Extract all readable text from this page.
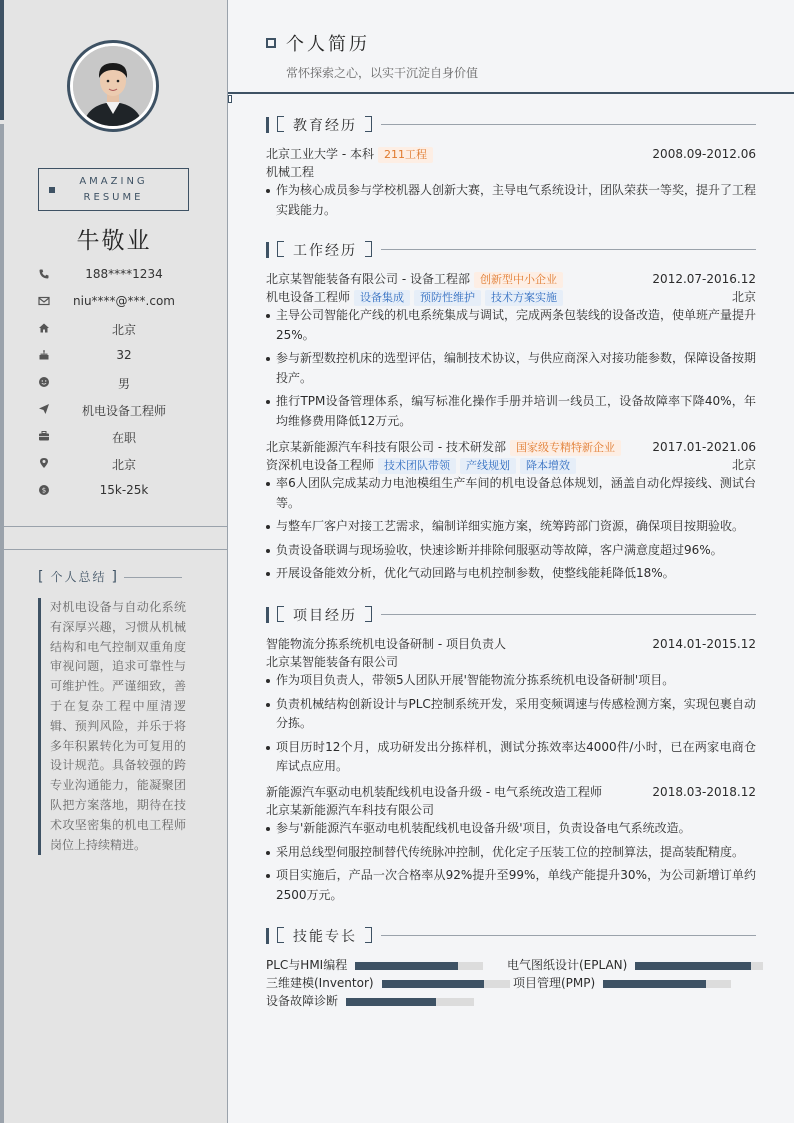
AMAZING
RESUME
牛敬业
188****1234
niu****@***.com
北京
32
男
机电设备工程师
在职
北京
$	15k-25k
[ 个人总结 ]
对机电设备与自动化系统有深厚兴趣，习惯从机械结构和电气控制双重角度审视问题，追求可靠性与可维护性。严谨细致，善于在复杂工程中厘清逻辑、预判风险，并乐于将多年积累转化为可复用的设计规范。具备较强的跨专业沟通能力，能凝聚团队把方案落地，期待在技术攻坚密集的机电工程师岗位上持续精进。
个人简历
常怀探索之心，以实干沉淀自身价值
教育经历
北京工业大学 - 本科 211工程	2008.09-2012.06
机械工程
作为核心成员参与学校机器人创新大赛，主导电气系统设计，团队荣获一等奖，提升了工程实践能力。
工作经历
北京某智能装备有限公司 - 设备工程部 创新型中小企业	2012.07-2016.12
机电设备工程师 设备集成 预防性维护 技术方案实施	北京
主导公司智能化产线的机电系统集成与调试，完成两条包装线的设备改造，使单班产量提升25%。
参与新型数控机床的选型评估，编制技术协议，与供应商深入对接功能参数，保障设备按期投产。
推行TPM设备管理体系，编写标准化操作手册并培训一线员工，设备故障率下降40%，年均维修费用降低12万元。
北京某新能源汽车科技有限公司 - 技术研发部 国家级专精特新企业	2017.01-2021.06
资深机电设备工程师 技术团队带领 产线规划 降本增效	北京
率6人团队完成某动力电池模组生产车间的机电设备总体规划，涵盖自动化焊接线、测试台等。
与整车厂客户对接工艺需求，编制详细实施方案，统筹跨部门资源，确保项目按期验收。
负责设备联调与现场验收，快速诊断并排除伺服驱动等故障，客户满意度超过96%。
开展设备能效分析，优化气动回路与电机控制参数，使整线能耗降低18%。
项目经历
智能物流分拣系统机电设备研制 - 项目负责人	2014.01-2015.12
北京某智能装备有限公司
作为项目负责人，带领5人团队开展'智能物流分拣系统机电设备研制'项目。
负责机械结构创新设计与PLC控制系统开发，采用变频调速与传感检测方案，实现包裹自动分拣。
项目历时12个月，成功研发出分拣样机，测试分拣效率达4000件/小时，已在两家电商仓库试点应用。
新能源汽车驱动电机装配线机电设备升级 - 电气系统改造工程师	2018.03-2018.12
北京某新能源汽车科技有限公司
参与'新能源汽车驱动电机装配线机电设备升级'项目，负责设备电气系统改造。
采用总线型伺服控制替代传统脉冲控制，优化定子压装工位的控制算法，提高装配精度。
项目实施后，产品一次合格率从92%提升至99%，单线产能提升30%，为公司新增订单约2500万元。
技能专长
PLC与HMI编程	电气图纸设计(EPLAN)
三维建模(Inventor)	项目管理(PMP)
设备故障诊断
